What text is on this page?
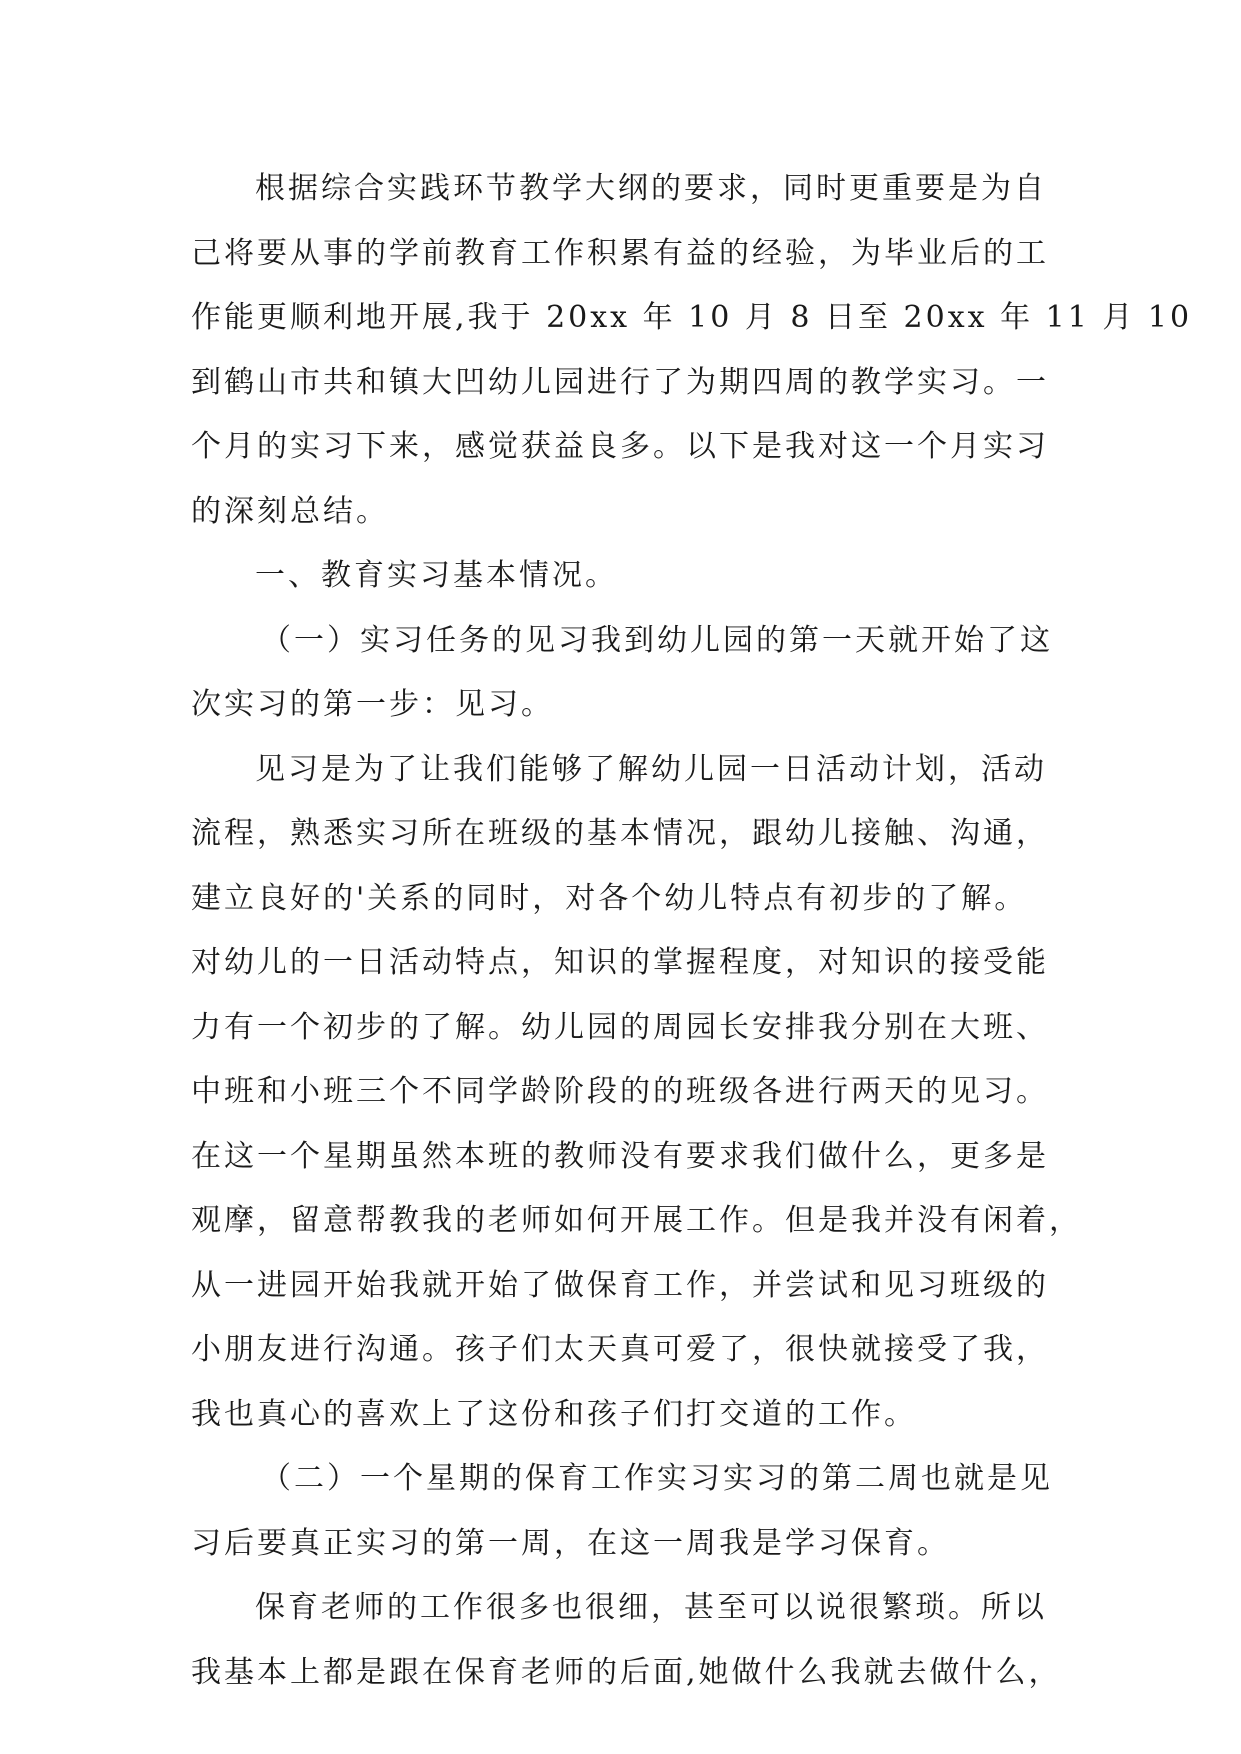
根据综合实践环节教学大纲的要求，同时更重要是为自
己将要从事的学前教育工作积累有益的经验，为毕业后的工
作能更顺利地开展,我于 20xx 年 10 月 8 日至 20xx 年 11 月 10
到鹤山市共和镇大凹幼儿园进行了为期四周的教学实习。一
个月的实习下来，感觉获益良多。以下是我对这一个月实习
的深刻总结。
一、教育实习基本情况。
（一）实习任务的见习我到幼儿园的第一天就开始了这
次实习的第一步：见习。
见习是为了让我们能够了解幼儿园一日活动计划，活动
流程，熟悉实习所在班级的基本情况，跟幼儿接触、沟通，
建立良好的'关系的同时，对各个幼儿特点有初步的了解。
对幼儿的一日活动特点，知识的掌握程度，对知识的接受能
力有一个初步的了解。幼儿园的周园长安排我分别在大班、
中班和小班三个不同学龄阶段的的班级各进行两天的见习。
在这一个星期虽然本班的教师没有要求我们做什么，更多是
观摩，留意帮教我的老师如何开展工作。但是我并没有闲着，
从一进园开始我就开始了做保育工作，并尝试和见习班级的
小朋友进行沟通。孩子们太天真可爱了，很快就接受了我，
我也真心的喜欢上了这份和孩子们打交道的工作。
（二）一个星期的保育工作实习实习的第二周也就是见
习后要真正实习的第一周，在这一周我是学习保育。
保育老师的工作很多也很细，甚至可以说很繁琐。所以
我基本上都是跟在保育老师的后面,她做什么我就去做什么，
